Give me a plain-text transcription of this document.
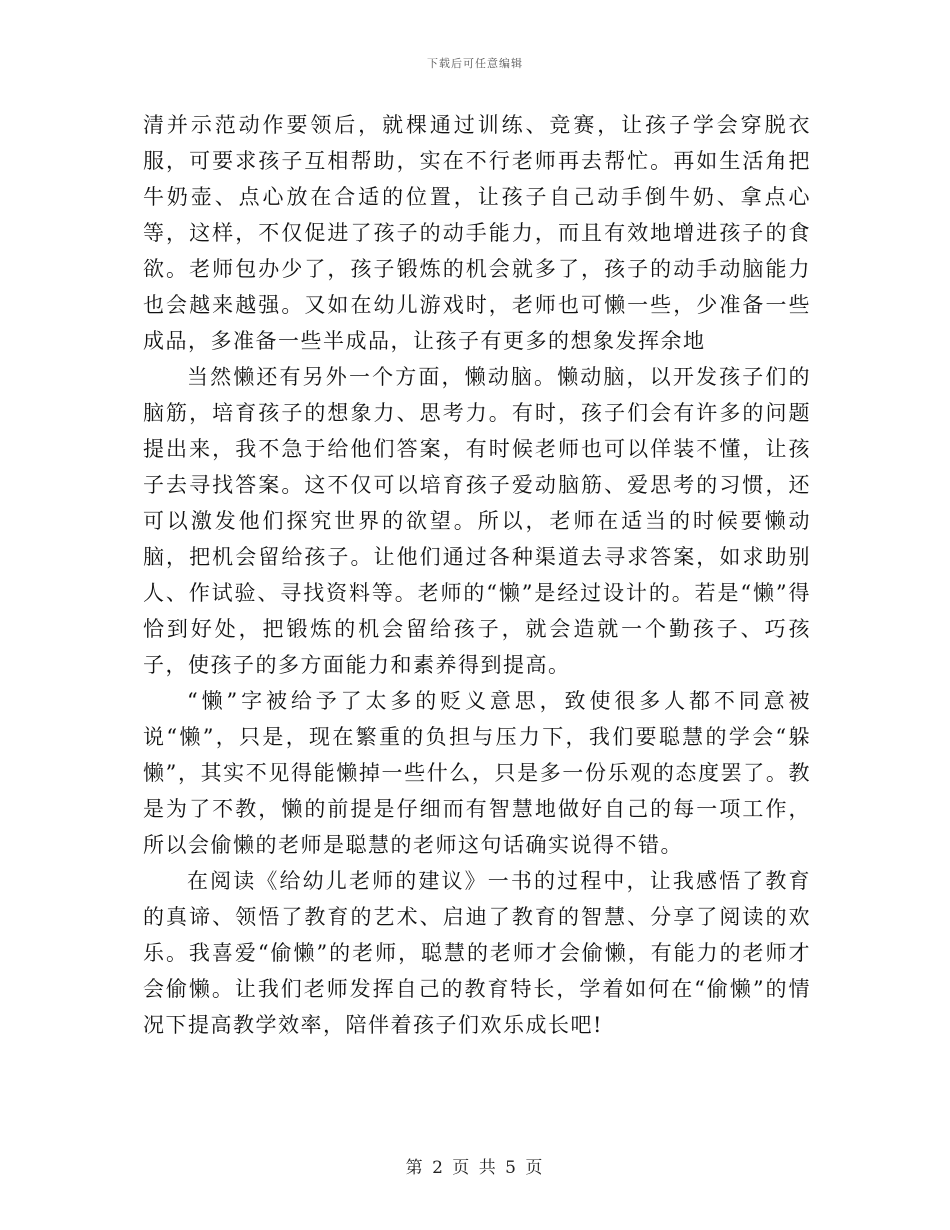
下载后可任意编辑

清并示范动作要领后，就棵通过训练、竞赛，让孩子学会穿脱衣服，可要求孩子互相帮助，实在不行老师再去帮忙。再如生活角把牛奶壶、点心放在合适的位置，让孩子自己动手倒牛奶、拿点心等，这样，不仅促进了孩子的动手能力，而且有效地增进孩子的食欲。老师包办少了，孩子锻炼的机会就多了，孩子的动手动脑能力也会越来越强。又如在幼儿游戏时，老师也可懒一些，少准备一些成品，多准备一些半成品，让孩子有更多的想象发挥余地

当然懒还有另外一个方面，懒动脑。懒动脑，以开发孩子们的脑筋，培育孩子的想象力、思考力。有时，孩子们会有许多的问题提出来，我不急于给他们答案，有时候老师也可以佯装不懂，让孩子去寻找答案。这不仅可以培育孩子爱动脑筋、爱思考的习惯，还可以激发他们探究世界的欲望。所以，老师在适当的时候要懒动脑，把机会留给孩子。让他们通过各种渠道去寻求答案，如求助别人、作试验、寻找资料等。老师的“懒”是经过设计的。若是“懒”得恰到好处，把锻炼的机会留给孩子，就会造就一个勤孩子、巧孩子，使孩子的多方面能力和素养得到提高。

“懒”字被给予了太多的贬义意思，致使很多人都不同意被说“懒”，只是，现在繁重的负担与压力下，我们要聪慧的学会“躲懒”，其实不见得能懒掉一些什么，只是多一份乐观的态度罢了。教是为了不教，懒的前提是仔细而有智慧地做好自己的每一项工作，所以会偷懒的老师是聪慧的老师这句话确实说得不错。

在阅读《给幼儿老师的建议》一书的过程中，让我感悟了教育的真谛、领悟了教育的艺术、启迪了教育的智慧、分享了阅读的欢乐。我喜爱“偷懒”的老师，聪慧的老师才会偷懒，有能力的老师才会偷懒。让我们老师发挥自己的教育特长，学着如何在“偷懒”的情况下提高教学效率，陪伴着孩子们欢乐成长吧!

第 2 页 共 5 页
